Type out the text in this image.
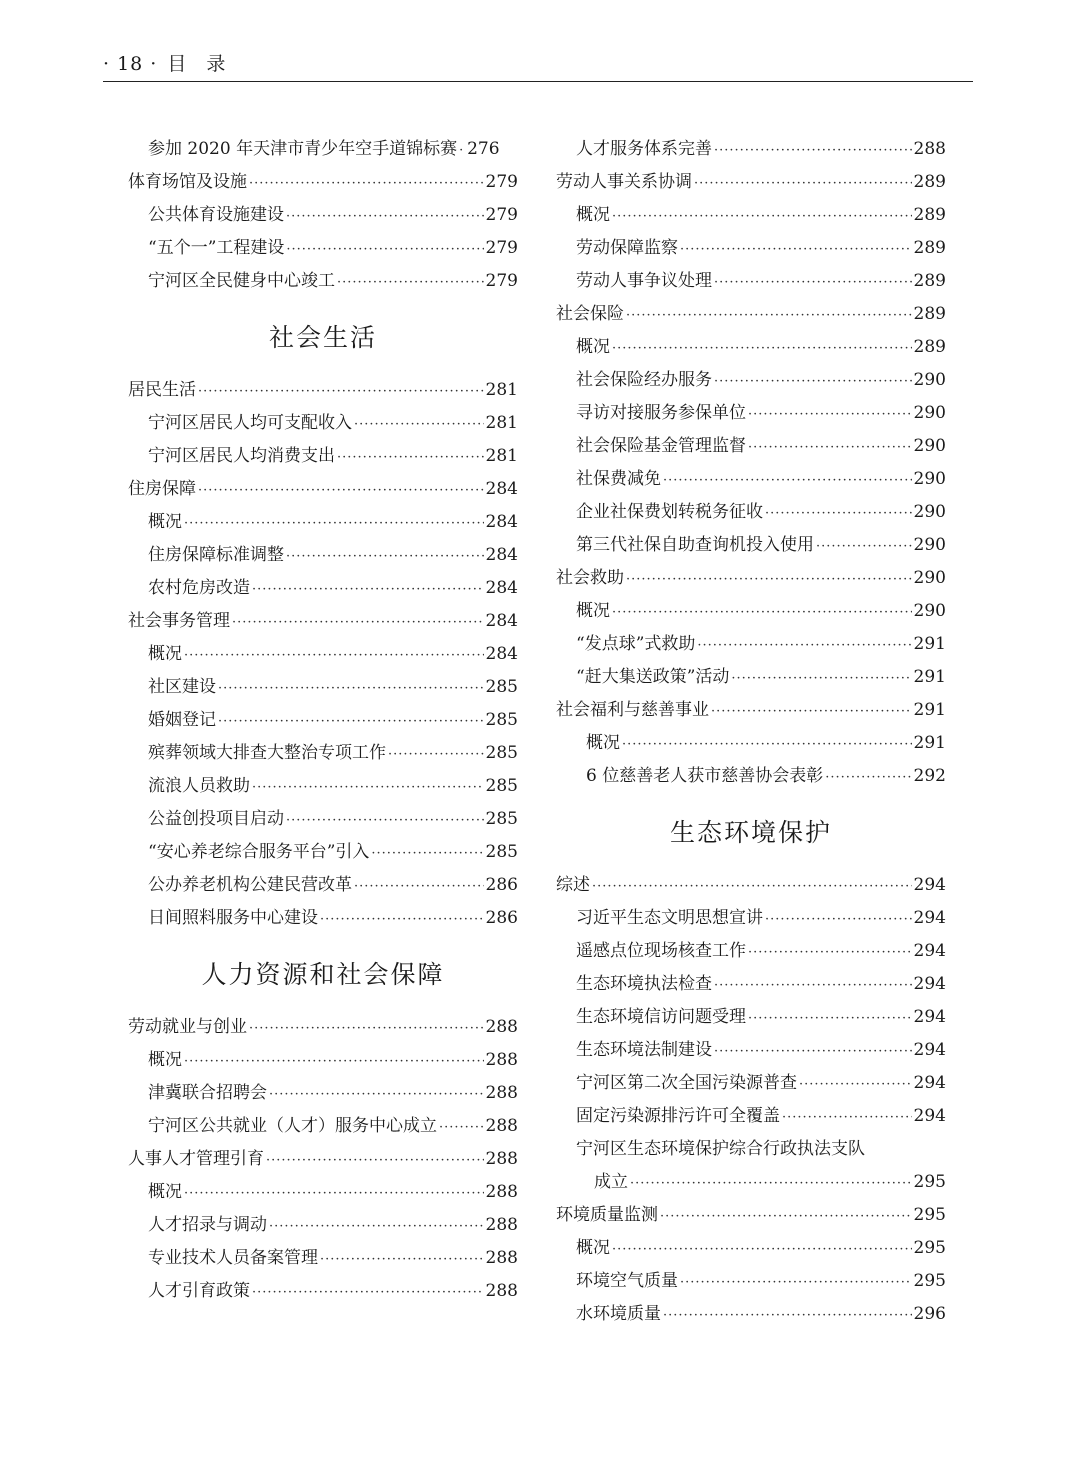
· 18 · 目录
参加 2020 年天津市青少年空手道锦标赛 ····· 276
体育场馆及设施 ·····	279
公共体育设施建设 ·····	279
“五个一”工程建设 ·····	279
宁河区全民健身中心竣工 ·····	279
社会生活
居民生活 ·····	281
宁河区居民人均可支配收入 ·····	281
宁河区居民人均消费支出 ·····	281
住房保障 ·····	284
概况 ·····	284
住房保障标准调整 ·····	284
农村危房改造 ·····	284
社会事务管理 ·····	284
概况 ·····	284
社区建设 ·····	285
婚姻登记 ·····	285
殡葬领域大排查大整治专项工作 ·····	285
流浪人员救助 ·····	285
公益创投项目启动 ·····	285
“安心养老综合服务平台”引入 ·····	285
公办养老机构公建民营改革 ·····	286
日间照料服务中心建设 ·····	286
人力资源和社会保障
劳动就业与创业 ·····	288
概况 ·····	288
津冀联合招聘会 ·····	288
宁河区公共就业（人才）服务中心成立 ·····	288
人事人才管理引育 ·····	288
概况 ·····	288
人才招录与调动 ·····	288
专业技术人员备案管理 ·····	288
人才引育政策 ·····	288
人才服务体系完善 ·····	288
劳动人事关系协调 ·····	289
概况 ·····	289
劳动保障监察 ·····	289
劳动人事争议处理 ·····	289
社会保险 ·····	289
概况 ·····	289
社会保险经办服务 ·····	290
寻访对接服务参保单位 ·····	290
社会保险基金管理监督 ·····	290
社保费减免 ·····	290
企业社保费划转税务征收 ·····	290
第三代社保自助查询机投入使用 ·····	290
社会救助 ·····	290
概况 ·····	290
“发点球”式救助 ·····	291
“赶大集送政策”活动 ·····	291
社会福利与慈善事业 ·····	291
概况 ·····	291
6 位慈善老人获市慈善协会表彰 ·····	292
生态环境保护
综述 ·····	294
习近平生态文明思想宣讲 ·····	294
遥感点位现场核查工作 ·····	294
生态环境执法检查 ·····	294
生态环境信访问题受理 ·····	294
生态环境法制建设 ·····	294
宁河区第二次全国污染源普查 ·····	294
固定污染源排污许可全覆盖 ·····	294
宁河区生态环境保护综合行政执法支队
成立 ·····	295
环境质量监测 ·····	295
概况 ·····	295
环境空气质量 ·····	295
水环境质量 ·····	296
